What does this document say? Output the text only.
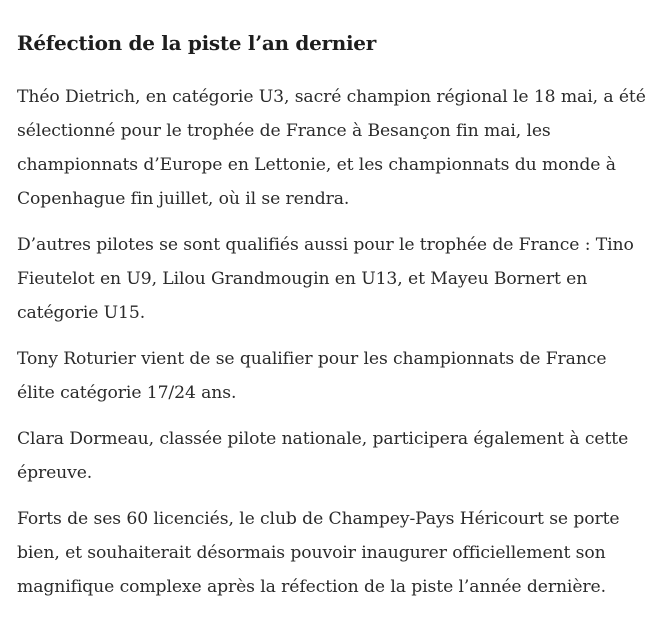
Réfection de la piste l’an dernier

Théo Dietrich, en catégorie U3, sacré champion régional le 18 mai, a été sélectionné pour le trophée de France à Besançon fin mai, les championnats d’Europe en Lettonie, et les championnats du monde à Copenhague fin juillet, où il se rendra.

D’autres pilotes se sont qualifiés aussi pour le trophée de France : Tino Fieutelot en U9, Lilou Grandmougin en U13, et Mayeu Bornert en catégorie U15.

Tony Roturier vient de se qualifier pour les championnats de France élite catégorie 17/24 ans.

Clara Dormeau, classée pilote nationale, participera également à cette épreuve.

Forts de ses 60 licenciés, le club de Champey-Pays Héricourt se porte bien, et souhaiterait désormais pouvoir inaugurer officiellement son magnifique complexe après la réfection de la piste l’année dernière.
